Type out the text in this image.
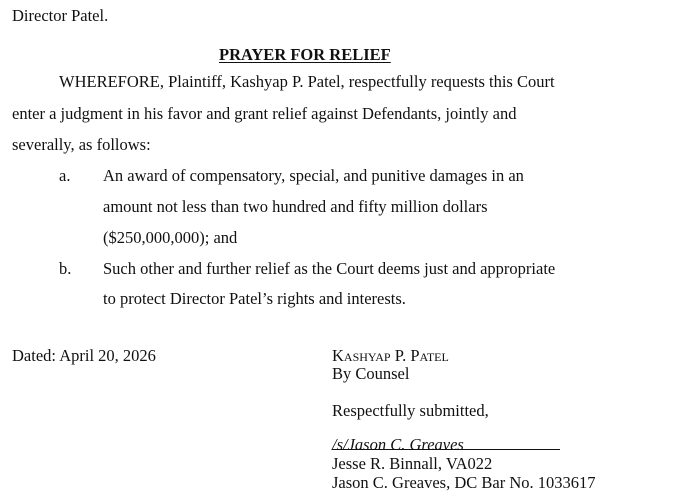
Director Patel.
PRAYER FOR RELIEF
WHEREFORE, Plaintiff, Kashyap P. Patel, respectfully requests this Court
enter a judgment in his favor and grant relief against Defendants, jointly and
severally, as follows:
a. An award of compensatory, special, and punitive damages in an
amount not less than two hundred and fifty million dollars
($250,000,000); and
b. Such other and further relief as the Court deems just and appropriate
to protect Director Patel’s rights and interests.
Dated: April 20, 2026	Kashyap P. Patel
By Counsel
Respectfully submitted,
/s/Jason C. Greaves
Jesse R. Binnall, VA022
Jason C. Greaves, DC Bar No. 1033617
